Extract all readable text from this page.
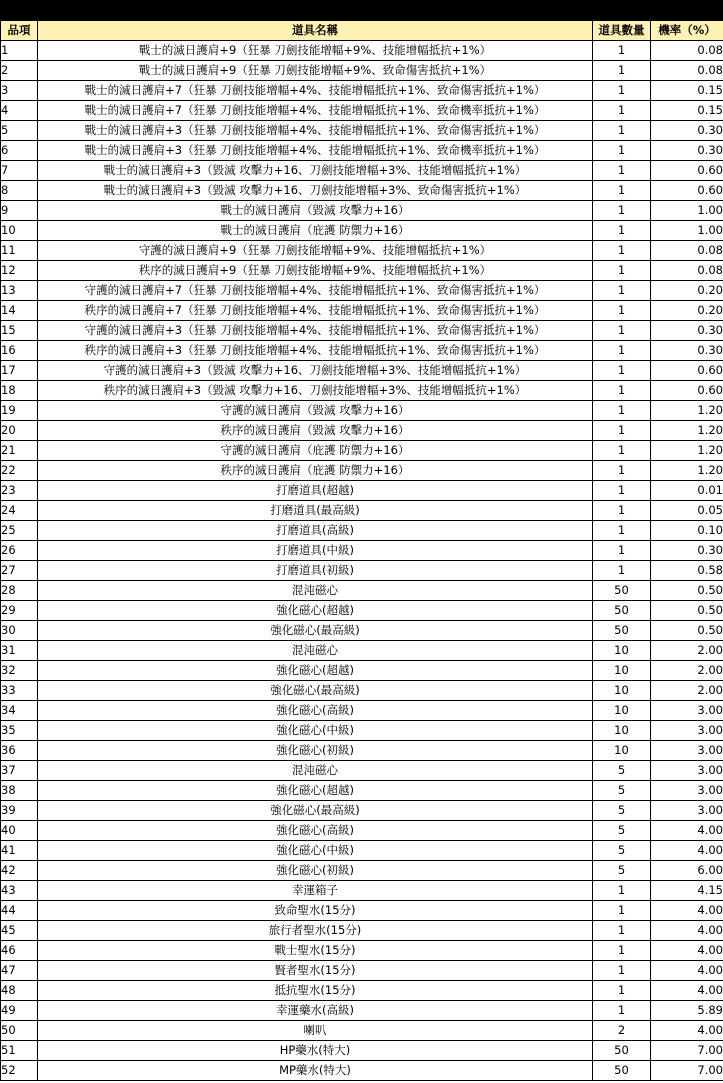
不滅的戰士護肩			
品項	道具名稱	道具數量	機率（%）
1	戰士的滅日護肩+9（狂暴 刀劍技能增幅+9%、技能增幅抵抗+1%）	1	0.08
2	戰士的滅日護肩+9（狂暴 刀劍技能增幅+9%、致命傷害抵抗+1%）	1	0.08
3	戰士的滅日護肩+7（狂暴 刀劍技能增幅+4%、技能增幅抵抗+1%、致命傷害抵抗+1%）	1	0.15
4	戰士的滅日護肩+7（狂暴 刀劍技能增幅+4%、技能增幅抵抗+1%、致命機率抵抗+1%）	1	0.15
5	戰士的滅日護肩+3（狂暴 刀劍技能增幅+4%、技能增幅抵抗+1%、致命傷害抵抗+1%）	1	0.30
6	戰士的滅日護肩+3（狂暴 刀劍技能增幅+4%、技能增幅抵抗+1%、致命機率抵抗+1%）	1	0.30
7	戰士的滅日護肩+3（毀滅 攻擊力+16、刀劍技能增幅+3%、技能增幅抵抗+1%）	1	0.60
8	戰士的滅日護肩+3（毀滅 攻擊力+16、刀劍技能增幅+3%、致命傷害抵抗+1%）	1	0.60
9	戰士的滅日護肩（毀滅 攻擊力+16）	1	1.00
10	戰士的滅日護肩（庇護 防禦力+16）	1	1.00
11	守護的滅日護肩+9（狂暴 刀劍技能增幅+9%、技能增幅抵抗+1%）	1	0.08
12	秩序的滅日護肩+9（狂暴 刀劍技能增幅+9%、技能增幅抵抗+1%）	1	0.08
13	守護的滅日護肩+7（狂暴 刀劍技能增幅+4%、技能增幅抵抗+1%、致命傷害抵抗+1%）	1	0.20
14	秩序的滅日護肩+7（狂暴 刀劍技能增幅+4%、技能增幅抵抗+1%、致命傷害抵抗+1%）	1	0.20
15	守護的滅日護肩+3（狂暴 刀劍技能增幅+4%、技能增幅抵抗+1%、致命傷害抵抗+1%）	1	0.30
16	秩序的滅日護肩+3（狂暴 刀劍技能增幅+4%、技能增幅抵抗+1%、致命傷害抵抗+1%）	1	0.30
17	守護的滅日護肩+3（毀滅 攻擊力+16、刀劍技能增幅+3%、技能增幅抵抗+1%）	1	0.60
18	秩序的滅日護肩+3（毀滅 攻擊力+16、刀劍技能增幅+3%、技能增幅抵抗+1%）	1	0.60
19	守護的滅日護肩（毀滅 攻擊力+16）	1	1.20
20	秩序的滅日護肩（毀滅 攻擊力+16）	1	1.20
21	守護的滅日護肩（庇護 防禦力+16）	1	1.20
22	秩序的滅日護肩（庇護 防禦力+16）	1	1.20
23	打磨道具(超越)	1	0.01
24	打磨道具(最高級)	1	0.05
25	打磨道具(高級)	1	0.10
26	打磨道具(中級)	1	0.30
27	打磨道具(初級)	1	0.58
28	混沌磁心	50	0.50
29	強化磁心(超越)	50	0.50
30	強化磁心(最高級)	50	0.50
31	混沌磁心	10	2.00
32	強化磁心(超越)	10	2.00
33	強化磁心(最高級)	10	2.00
34	強化磁心(高級)	10	3.00
35	強化磁心(中級)	10	3.00
36	強化磁心(初級)	10	3.00
37	混沌磁心	5	3.00
38	強化磁心(超越)	5	3.00
39	強化磁心(最高級)	5	3.00
40	強化磁心(高級)	5	4.00
41	強化磁心(中級)	5	4.00
42	強化磁心(初級)	5	6.00
43	幸運箱子	1	4.15
44	致命聖水(15分)	1	4.00
45	旅行者聖水(15分)	1	4.00
46	戰士聖水(15分)	1	4.00
47	賢者聖水(15分)	1	4.00
48	抵抗聖水(15分)	1	4.00
49	幸運藥水(高級)	1	5.89
50	喇叭	2	4.00
51	HP藥水(特大)	50	7.00
52	MP藥水(特大)	50	7.00
